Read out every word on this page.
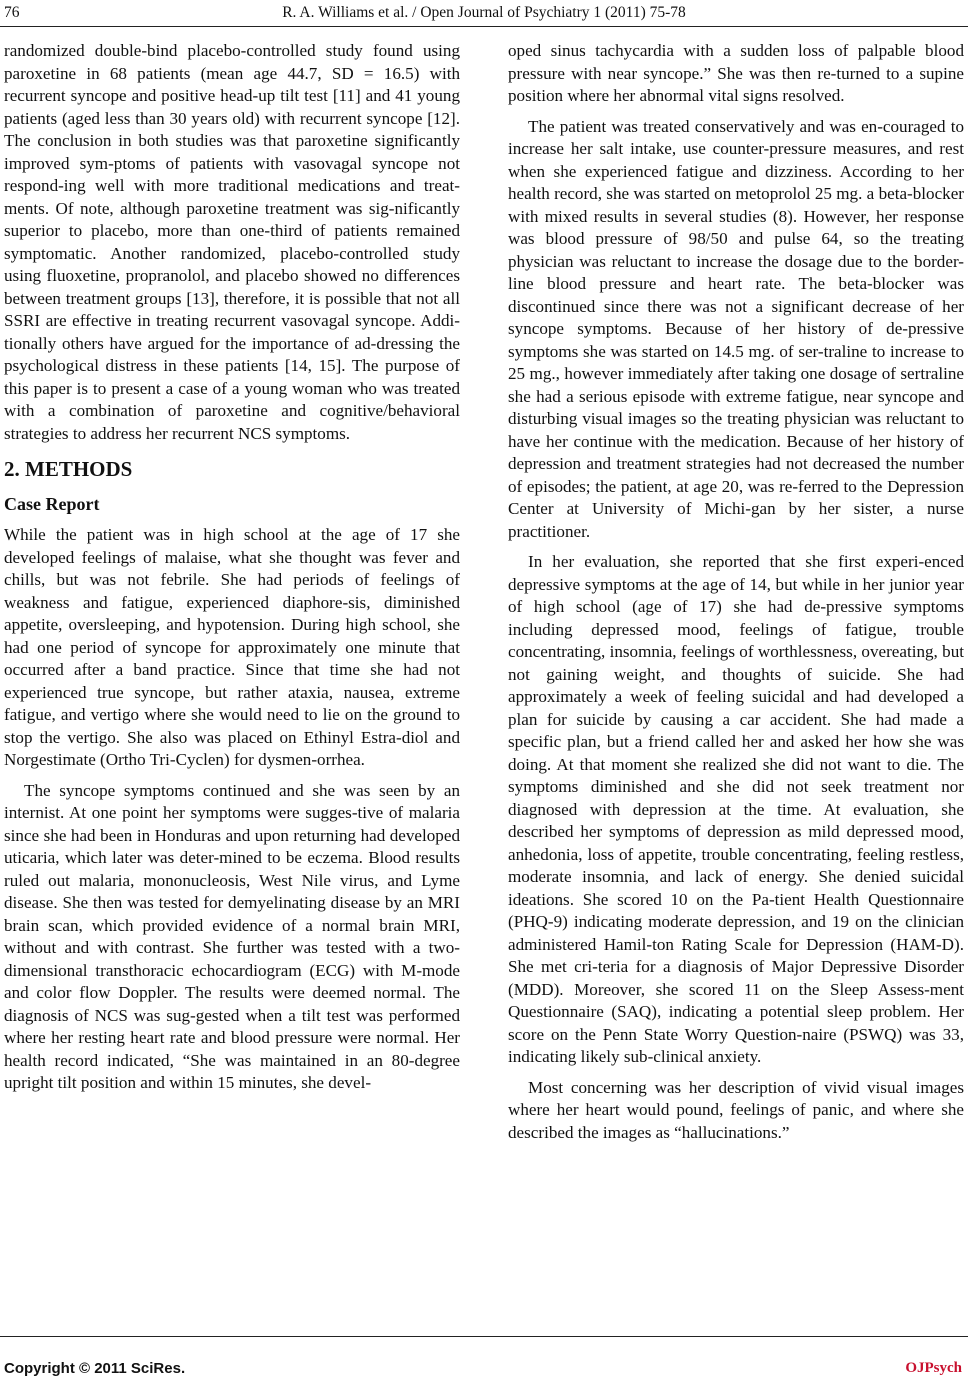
76	R. A. Williams et al. / Open Journal of Psychiatry 1 (2011) 75-78

randomized double-bind placebo-controlled study found using paroxetine in 68 patients (mean age 44.7, SD = 16.5) with recurrent syncope and positive head-up tilt test [11] and 41 young patients (aged less than 30 years old) with recurrent syncope [12]. The conclusion in both studies was that paroxetine significantly improved sym-ptoms of patients with vasovagal syncope not respond-ing well with more traditional medications and treat-ments. Of note, although paroxetine treatment was sig-nificantly superior to placebo, more than one-third of patients remained symptomatic. Another randomized, placebo-controlled study using fluoxetine, propranolol, and placebo showed no differences between treatment groups [13], therefore, it is possible that not all SSRI are effective in treating recurrent vasovagal syncope. Addi-tionally others have argued for the importance of ad-dressing the psychological distress in these patients [14, 15]. The purpose of this paper is to present a case of a young woman who was treated with a combination of paroxetine and cognitive/behavioral strategies to address her recurrent NCS symptoms.

2. METHODS
Case Report

While the patient was in high school at the age of 17 she developed feelings of malaise, what she thought was fever and chills, but was not febrile. She had periods of feelings of weakness and fatigue, experienced diaphore-sis, diminished appetite, oversleeping, and hypotension. During high school, she had one period of syncope for approximately one minute that occurred after a band practice. Since that time she had not experienced true syncope, but rather ataxia, nausea, extreme fatigue, and vertigo where she would need to lie on the ground to stop the vertigo. She also was placed on Ethinyl Estra-diol and Norgestimate (Ortho Tri-Cyclen) for dysmen-orrhea.

The syncope symptoms continued and she was seen by an internist. At one point her symptoms were sugges-tive of malaria since she had been in Honduras and upon returning had developed uticaria, which later was deter-mined to be eczema. Blood results ruled out malaria, mononucleosis, West Nile virus, and Lyme disease. She then was tested for demyelinating disease by an MRI brain scan, which provided evidence of a normal brain MRI, without and with contrast. She further was tested with a two-dimensional transthoracic echocardiogram (ECG) with M-mode and color flow Doppler. The results were deemed normal. The diagnosis of NCS was sug-gested when a tilt test was performed where her resting heart rate and blood pressure were normal. Her health record indicated, “She was maintained in an 80-degree upright tilt position and within 15 minutes, she devel-

oped sinus tachycardia with a sudden loss of palpable blood pressure with near syncope.” She was then re-turned to a supine position where her abnormal vital signs resolved.

The patient was treated conservatively and was en-couraged to increase her salt intake, use counter-pressure measures, and rest when she experienced fatigue and dizziness. According to her health record, she was started on metoprolol 25 mg. a beta-blocker with mixed results in several studies (8). However, her response was blood pressure of 98/50 and pulse 64, so the treating physician was reluctant to increase the dosage due to the border-line blood pressure and heart rate. The beta-blocker was discontinued since there was not a significant decrease of her syncope symptoms. Because of her history of de-pressive symptoms she was started on 14.5 mg. of ser-traline to increase to 25 mg., however immediately after taking one dosage of sertraline she had a serious episode with extreme fatigue, near syncope and disturbing visual images so the treating physician was reluctant to have her continue with the medication. Because of her history of depression and treatment strategies had not decreased the number of episodes; the patient, at age 20, was re-ferred to the Depression Center at University of Michi-gan by her sister, a nurse practitioner.

In her evaluation, she reported that she first experi-enced depressive symptoms at the age of 14, but while in her junior year of high school (age of 17) she had de-pressive symptoms including depressed mood, feelings of fatigue, trouble concentrating, insomnia, feelings of worthlessness, overeating, but not gaining weight, and thoughts of suicide. She had approximately a week of feeling suicidal and had developed a plan for suicide by causing a car accident. She had made a specific plan, but a friend called her and asked her how she was doing. At that moment she realized she did not want to die. The symptoms diminished and she did not seek treatment nor diagnosed with depression at the time. At evaluation, she described her symptoms of depression as mild depressed mood, anhedonia, loss of appetite, trouble concentrating, feeling restless, moderate insomnia, and lack of energy. She denied suicidal ideations. She scored 10 on the Pa-tient Health Questionnaire (PHQ-9) indicating moderate depression, and 19 on the clinician administered Hamil-ton Rating Scale for Depression (HAM-D). She met cri-teria for a diagnosis of Major Depressive Disorder (MDD). Moreover, she scored 11 on the Sleep Assess-ment Questionnaire (SAQ), indicating a potential sleep problem. Her score on the Penn State Worry Question-naire (PSWQ) was 33, indicating likely sub-clinical anxiety.

Most concerning was her description of vivid visual images where her heart would pound, feelings of panic, and where she described the images as “hallucinations.”

Copyright © 2011 SciRes.	OJPsych
